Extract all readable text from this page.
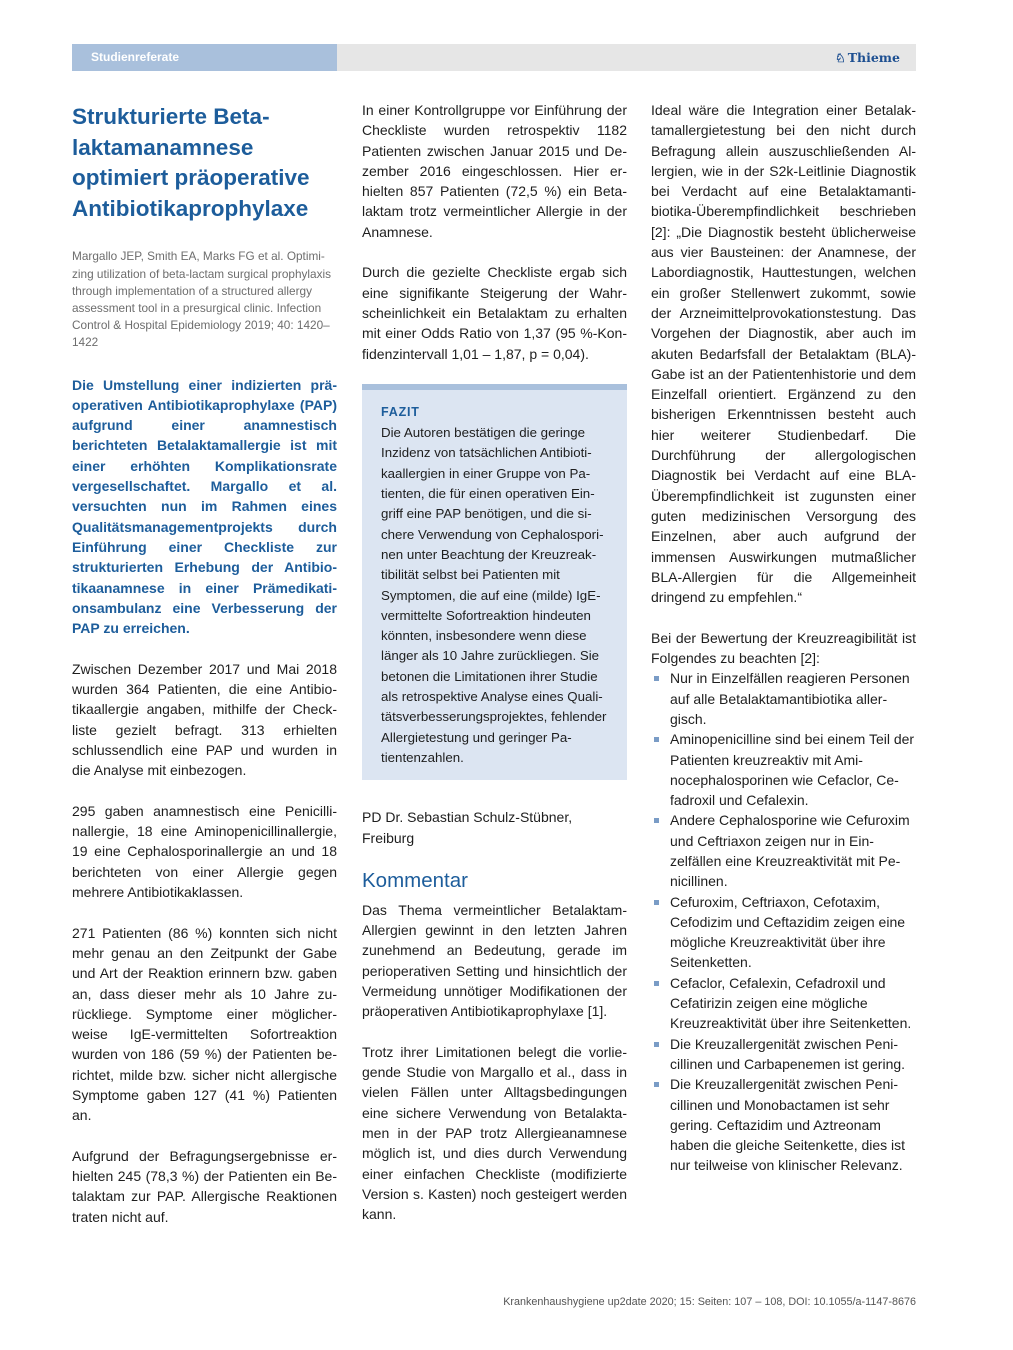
Studienreferate	♘ Thieme
Strukturierte Betalaktamanamnese optimiert präoperative Antibiotikaprophylaxe

Margallo JEP, Smith EA, Marks FG et al. Optimizing utilization of beta-lactam surgical prophylaxis through implementation of a structured allergy assessment tool in a presurgical clinic. Infection Control & Hospital Epidemiology 2019; 40: 1420–1422

Die Umstellung einer indizierten präoperativen Antibiotikaprophylaxe (PAP) aufgrund einer anamnestisch berichteten Betalaktamallergie ist mit einer erhöhten Komplikationsrate vergesellschaftet. Margallo et al. versuchten nun im Rahmen eines Qualitätsmanagementprojekts durch Einführung einer Checkliste zur strukturierten Erhebung der Antibiotikaanamnese in einer Prämedikationsambulanz eine Verbesserung der PAP zu erreichen.

Zwischen Dezember 2017 und Mai 2018 wurden 364 Patienten, die eine Antibiotikaallergie angaben, mithilfe der Checkliste gezielt befragt. 313 erhielten schlussendlich eine PAP und wurden in die Analyse mit einbezogen.

295 gaben anamnestisch eine Penicillinallergie, 18 eine Aminopenicillinallergie, 19 eine Cephalosporinallergie an und 18 berichteten von einer Allergie gegen mehrere Antibiotikaklassen.

271 Patienten (86 %) konnten sich nicht mehr genau an den Zeitpunkt der Gabe und Art der Reaktion erinnern bzw. gaben an, dass dieser mehr als 10 Jahre zurückliege. Symptome einer möglicherweise IgE-vermittelten Sofortreaktion wurden von 186 (59 %) der Patienten berichtet, milde bzw. sicher nicht allergische Symptome gaben 127 (41 %) Patienten an.

Aufgrund der Befragungsergebnisse erhielten 245 (78,3 %) der Patienten ein Betalaktam zur PAP. Allergische Reaktionen traten nicht auf.

In einer Kontrollgruppe vor Einführung der Checkliste wurden retrospektiv 1182 Patienten zwischen Januar 2015 und Dezember 2016 eingeschlossen. Hier erhielten 857 Patienten (72,5 %) ein Betalaktam trotz vermeintlicher Allergie in der Anamnese.

Durch die gezielte Checkliste ergab sich eine signifikante Steigerung der Wahrscheinlichkeit ein Betalaktam zu erhalten mit einer Odds Ratio von 1,37 (95 %-Konfidenzintervall 1,01 – 1,87, p = 0,04).

FAZIT

Die Autoren bestätigen die geringe Inzidenz von tatsächlichen Antibiotikaallergien in einer Gruppe von Patienten, die für einen operativen Eingriff eine PAP benötigen, und die sichere Verwendung von Cephalosporinen unter Beachtung der Kreuzreaktibilität selbst bei Patienten mit Symptomen, die auf eine (milde) IgE-vermittelte Sofortreaktion hindeuten könnten, insbesondere wenn diese länger als 10 Jahre zurückliegen. Sie betonen die Limitationen ihrer Studie als retrospektive Analyse eines Qualitätsverbesserungsprojektes, fehlender Allergietestung und geringer Patientenzahlen.

PD Dr. Sebastian Schulz-Stübner, Freiburg

Kommentar

Das Thema vermeintlicher Betalaktam-Allergien gewinnt in den letzten Jahren zunehmend an Bedeutung, gerade im perioperativen Setting und hinsichtlich der Vermeidung unnötiger Modifikationen der präoperativen Antibiotikaprophylaxe [1].

Trotz ihrer Limitationen belegt die vorliegende Studie von Margallo et al., dass in vielen Fällen unter Alltagsbedingungen eine sichere Verwendung von Betalaktamen in der PAP trotz Allergieanamnese möglich ist, und dies durch Verwendung einer einfachen Checkliste (modifizierte Version s. Kasten) noch gesteigert werden kann.

Ideal wäre die Integration einer Betalaktamallergietestung bei den nicht durch Befragung allein auszuschließenden Allergien, wie in der S2k-Leitlinie Diagnostik bei Verdacht auf eine Betalaktamantibiotika-Überempfindlichkeit beschrieben [2]: „Die Diagnostik besteht üblicherweise aus vier Bausteinen: der Anamnese, der Labordiagnostik, Hauttestungen, welchen ein großer Stellenwert zukommt, sowie der Arzneimittelprovokationstestung. Das Vorgehen der Diagnostik, aber auch im akuten Bedarfsfall der Betalaktam (BLA)-Gabe ist an der Patientenhistorie und dem Einzelfall orientiert. Ergänzend zu den bisherigen Erkenntnissen besteht auch hier weiterer Studienbedarf. Die Durchführung der allergologischen Diagnostik bei Verdacht auf eine BLA-Überempfindlichkeit ist zugunsten einer guten medizinischen Versorgung des Einzelnen, aber auch aufgrund der immensen Auswirkungen mutmaßlicher BLA-Allergien für die Allgemeinheit dringend zu empfehlen.“

Bei der Bewertung der Kreuzreagibilität ist Folgendes zu beachten [2]:

Nur in Einzelfällen reagieren Personen auf alle Betalaktamantibiotika allergisch.
Aminopenicilline sind bei einem Teil der Patienten kreuzreaktiv mit Aminocephalosporinen wie Cefaclor, Cefadroxil und Cefalexin.
Andere Cephalosporine wie Cefuroxim und Ceftriaxon zeigen nur in Einzelfällen eine Kreuzreaktivität mit Penicillinen.
Cefuroxim, Ceftriaxon, Cefotaxim, Cefodizim und Ceftazidim zeigen eine mögliche Kreuzreaktivität über ihre Seitenketten.
Cefaclor, Cefalexin, Cefadroxil und Cefatirizin zeigen eine mögliche Kreuzreaktivität über ihre Seitenketten.
Die Kreuzallergenität zwischen Penicillinen und Carbapenemen ist gering.
Die Kreuzallergenität zwischen Penicillinen und Monobactamen ist sehr gering. Ceftazidim und Aztreonam haben die gleiche Seitenkette, dies ist nur teilweise von klinischer Relevanz.
Krankenhaushygiene up2date 2020; 15: Seiten: 107 – 108, DOI: 10.1055/a-1147-8676
